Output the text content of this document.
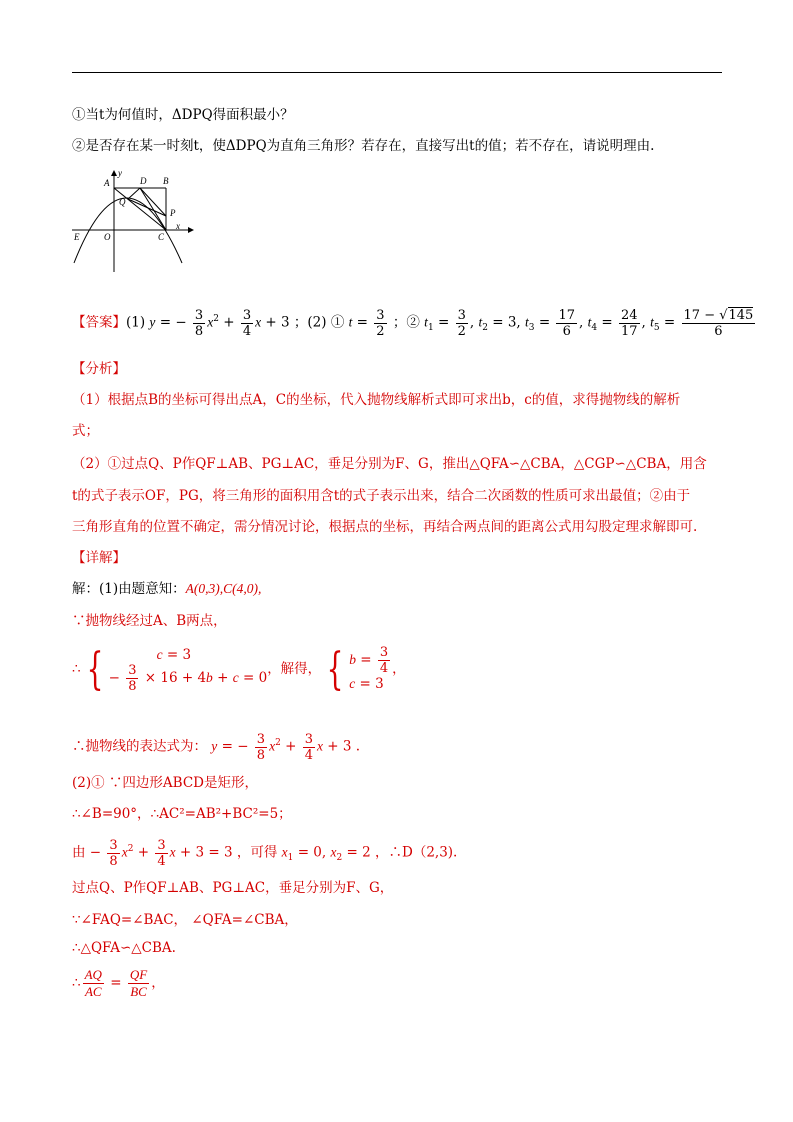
①当t为何值时，ΔDPQ得面积最小？
②是否存在某一时刻t，使ΔDPQ为直角三角形？若存在，直接写出t的值；若不存在，请说明理由.
y
A	D B
Q
P
x
E	O	C
【答案】(1) y = − $\frac{3}{8} x^2 + \frac{3}{4}$ x + 3 ；(2) ① $t = \frac{3}{2}$ ；② $t_1 = \frac{3}{2}$ , $t_2 = 3$, $t_3 = \frac{17}{6}$ , $t_4 = \frac{24}{17}$ , $t_5 = \frac{17 - √145}{6}$
【分析】
（1）根据点B的坐标可得出点A，C的坐标，代入抛物线解析式即可求出b，c的值，求得抛物线的解析
式；
（2）①过点Q、P作QF⊥AB、PG⊥AC，垂足分别为F、G，推出△QFA∽△CBA，△CGP∽△CBA，用含
t的式子表示OF，PG，将三角形的面积用含t的式子表示出来，结合二次函数的性质可求出最值；②由于
三角形直角的位置不确定，需分情况讨论，根据点的坐标，再结合两点间的距离公式用勾股定理求解即可.
【详解】
解：(1)由题意知：A(0,3),C(4,0),
∵抛物线经过A、B两点，
∴ {	c = 3
− $\frac{3}{8} \times 16 + 4b + c = 0$
，解得， { $b = \frac{3}{4}$
c = 3
，
∴抛物线的表达式为： y = − $\frac{3}{8} x^2 + \frac{3}{4}$ x + 3 .
(2)① ∵四边形ABCD是矩形，
∴∠B=90°，∴AC²=AB²+BC²=5；
由 − $\frac{3}{8} x^2 + \frac{3}{4}$ x + 3 = 3 ，可得 $x_1 = 0$, $x_2 = 2$ ，∴D（2,3).
过点Q、P作QF⊥AB、PG⊥AC，垂足分别为F、G，
∵∠FAQ=∠BAC， ∠QFA=∠CBA，
∴△QFA∽△CBA.
∴ $\frac{AQ}{AC} = \frac{QF}{BC}$ ，
